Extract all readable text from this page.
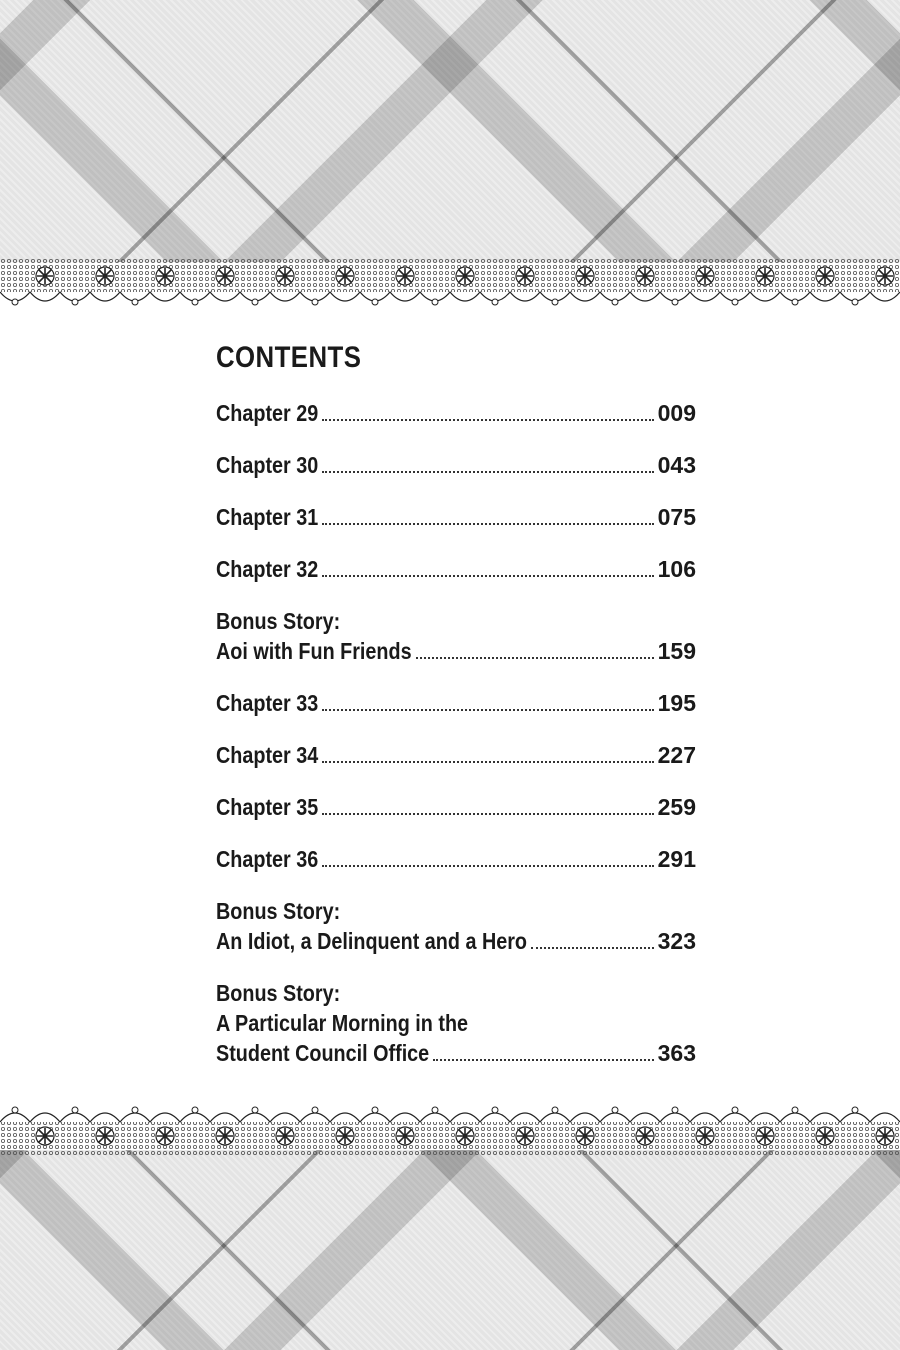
CONTENTS
Chapter 29	009
Chapter 30	043
Chapter 31	075
Chapter 32	106
Bonus Story:
Aoi with Fun Friends	159
Chapter 33	195
Chapter 34	227
Chapter 35	259
Chapter 36	291
Bonus Story:
An Idiot, a Delinquent and a Hero	323
Bonus Story:
A Particular Morning in the
Student Council Office	363
